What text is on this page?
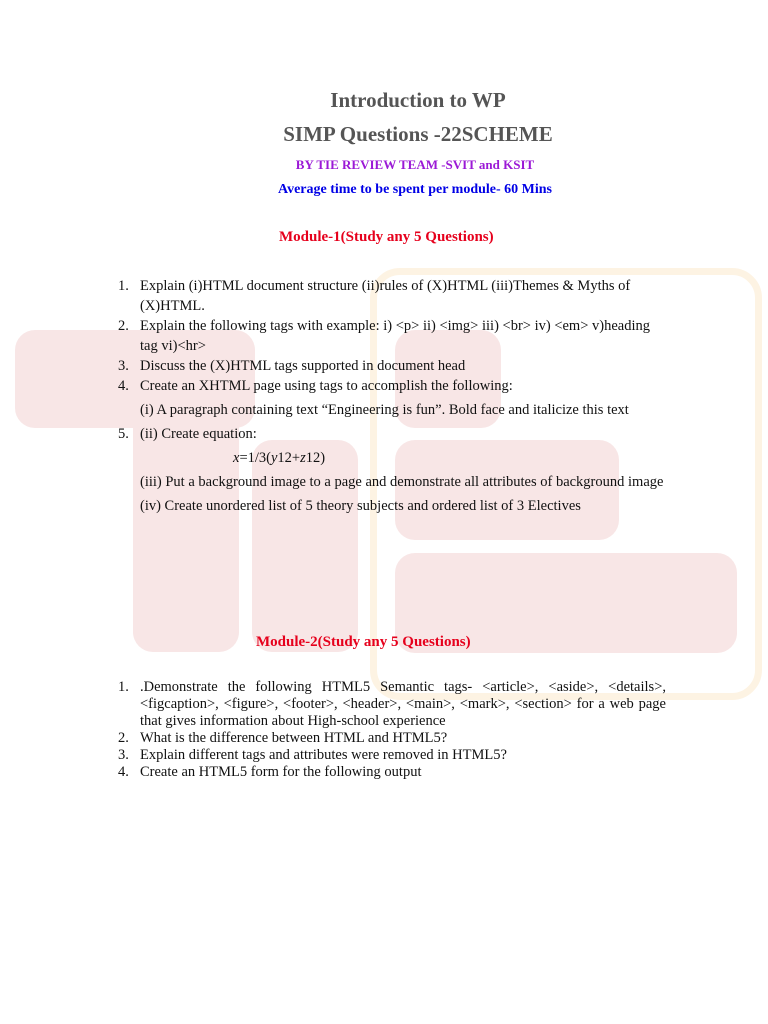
Introduction to WP
SIMP Questions -22SCHEME
BY TIE REVIEW TEAM -SVIT and KSIT
Average time to be spent per module- 60 Mins
Module-1(Study any 5 Questions)
1. Explain (i)HTML document structure (ii)rules of (X)HTML (iii)Themes & Myths of (X)HTML.
2. Explain the following tags with example: i) <p> ii) <img> iii) <br> iv) <em> v)heading tag vi)<hr>
3. Discuss the (X)HTML tags supported in document head
4. Create an XHTML page using tags to accomplish the following:
(i) A paragraph containing text “Engineering is fun”. Bold face and italicize this text
5. (ii) Create equation:
x=1/3(y12+z12)
(iii) Put a background image to a page and demonstrate all attributes of background image
(iv) Create unordered list of 5 theory subjects and ordered list of 3 Electives
Module-2(Study any 5 Questions)
1. .Demonstrate the following HTML5 Semantic tags- <article>, <aside>, <details>, <figcaption>, <figure>, <footer>, <header>, <main>, <mark>, <section> for a web page that gives information about High-school experience
2. What is the difference between HTML and HTML5?
3. Explain different tags and attributes were removed in HTML5?
4. Create an HTML5 form for the following output
